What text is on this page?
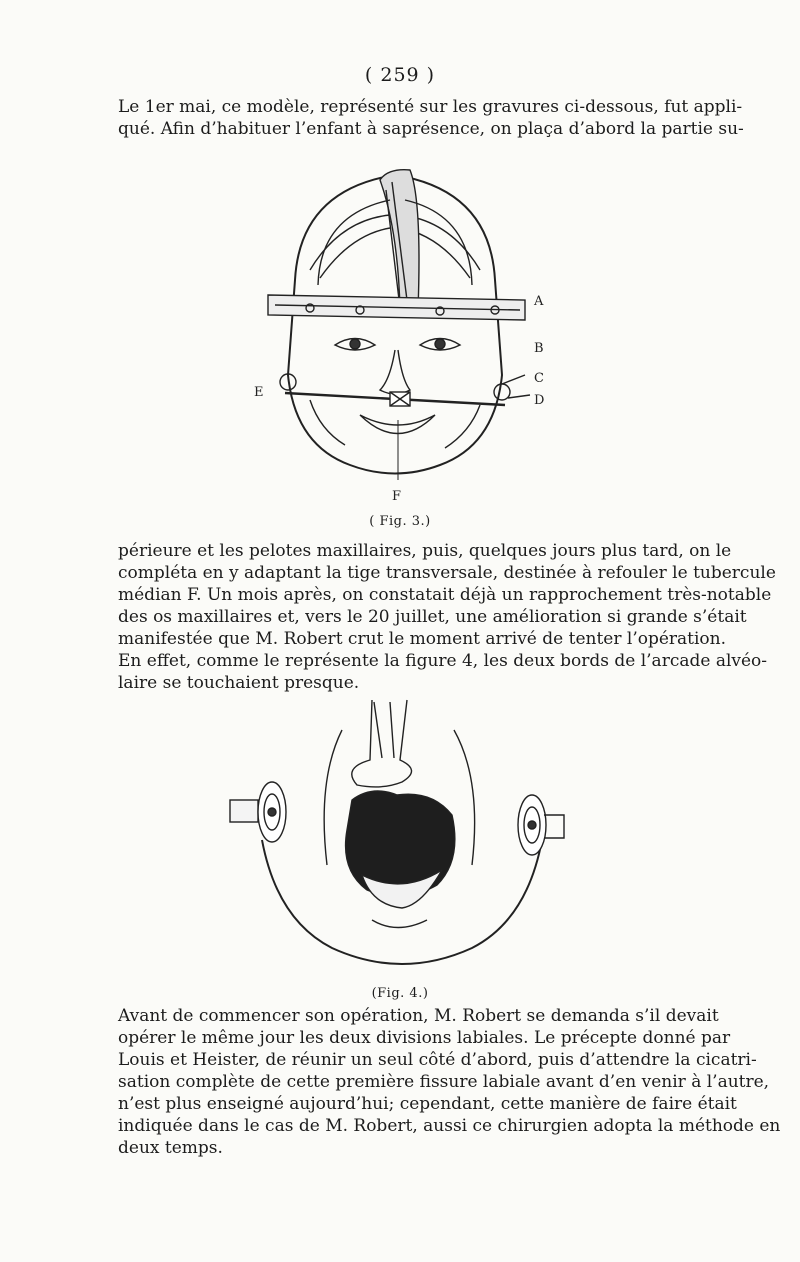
( 259 )

Le 1er mai, ce modèle, représenté sur les gravures ci-dessous, fut appli-
qué. Afin d’habituer l’enfant à saprésence, on plaça d’abord la partie su-

A
B
C
D
E
F
( Fig. 3.)

périeure et les pelotes maxillaires, puis, quelques jours plus tard, on le
compléta en y adaptant la tige transversale, destinée à refouler le tubercule
médian F. Un mois après, on constatait déjà un rapprochement très-notable
des os maxillaires et, vers le 20 juillet, une amélioration si grande s’était
manifestée que M. Robert crut le moment arrivé de tenter l’opération.
En effet, comme le représente la figure 4, les deux bords de l’arcade alvéo-
laire se touchaient presque.

(Fig. 4.)

Avant de commencer son opération, M. Robert se demanda s’il devait
opérer le même jour les deux divisions labiales. Le précepte donné par
Louis et Heister, de réunir un seul côté d’abord, puis d’attendre la cicatri-
sation complète de cette première fissure labiale avant d’en venir à l’autre,
n’est plus enseigné aujourd’hui; cependant, cette manière de faire était
indiquée dans le cas de M. Robert, aussi ce chirurgien adopta la méthode en
deux temps.
